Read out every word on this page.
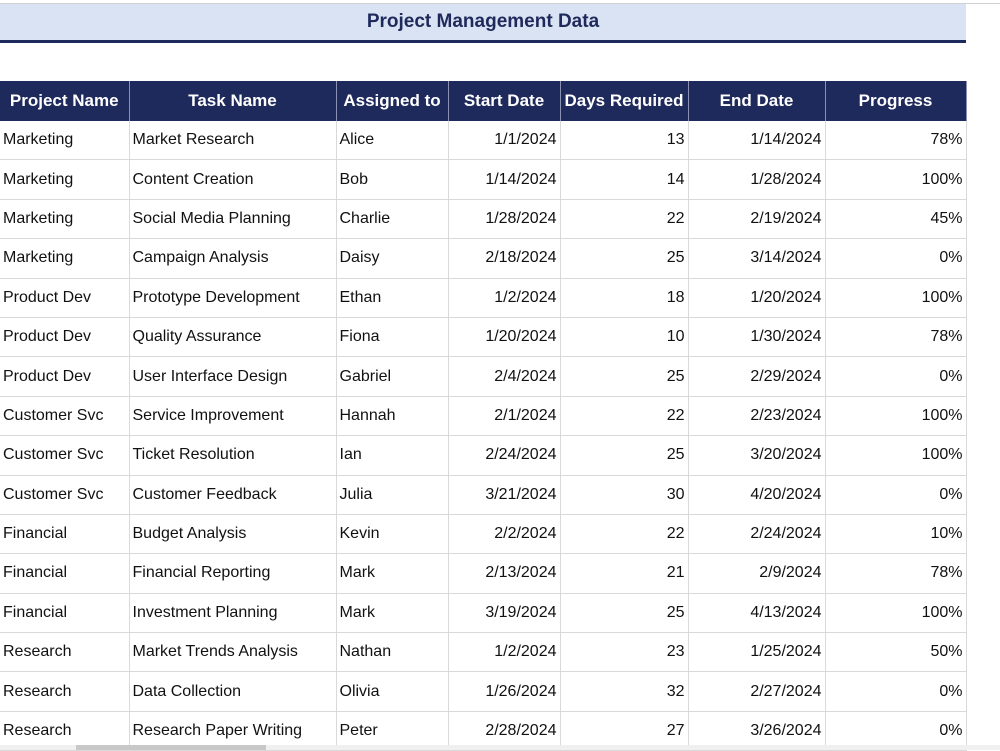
Project Management Data
Project Name	Task Name	Assigned to	Start Date	Days Required	End Date	Progress
Marketing	Market Research	Alice	1/1/2024	13	1/14/2024	78%
Marketing	Content Creation	Bob	1/14/2024	14	1/28/2024	100%
Marketing	Social Media Planning	Charlie	1/28/2024	22	2/19/2024	45%
Marketing	Campaign Analysis	Daisy	2/18/2024	25	3/14/2024	0%
Product Dev	Prototype Development	Ethan	1/2/2024	18	1/20/2024	100%
Product Dev	Quality Assurance	Fiona	1/20/2024	10	1/30/2024	78%
Product Dev	User Interface Design	Gabriel	2/4/2024	25	2/29/2024	0%
Customer Svc	Service Improvement	Hannah	2/1/2024	22	2/23/2024	100%
Customer Svc	Ticket Resolution	Ian	2/24/2024	25	3/20/2024	100%
Customer Svc	Customer Feedback	Julia	3/21/2024	30	4/20/2024	0%
Financial	Budget Analysis	Kevin	2/2/2024	22	2/24/2024	10%
Financial	Financial Reporting	Mark	2/13/2024	21	2/9/2024	78%
Financial	Investment Planning	Mark	3/19/2024	25	4/13/2024	100%
Research	Market Trends Analysis	Nathan	1/2/2024	23	1/25/2024	50%
Research	Data Collection	Olivia	1/26/2024	32	2/27/2024	0%
Research	Research Paper Writing	Peter	2/28/2024	27	3/26/2024	0%
